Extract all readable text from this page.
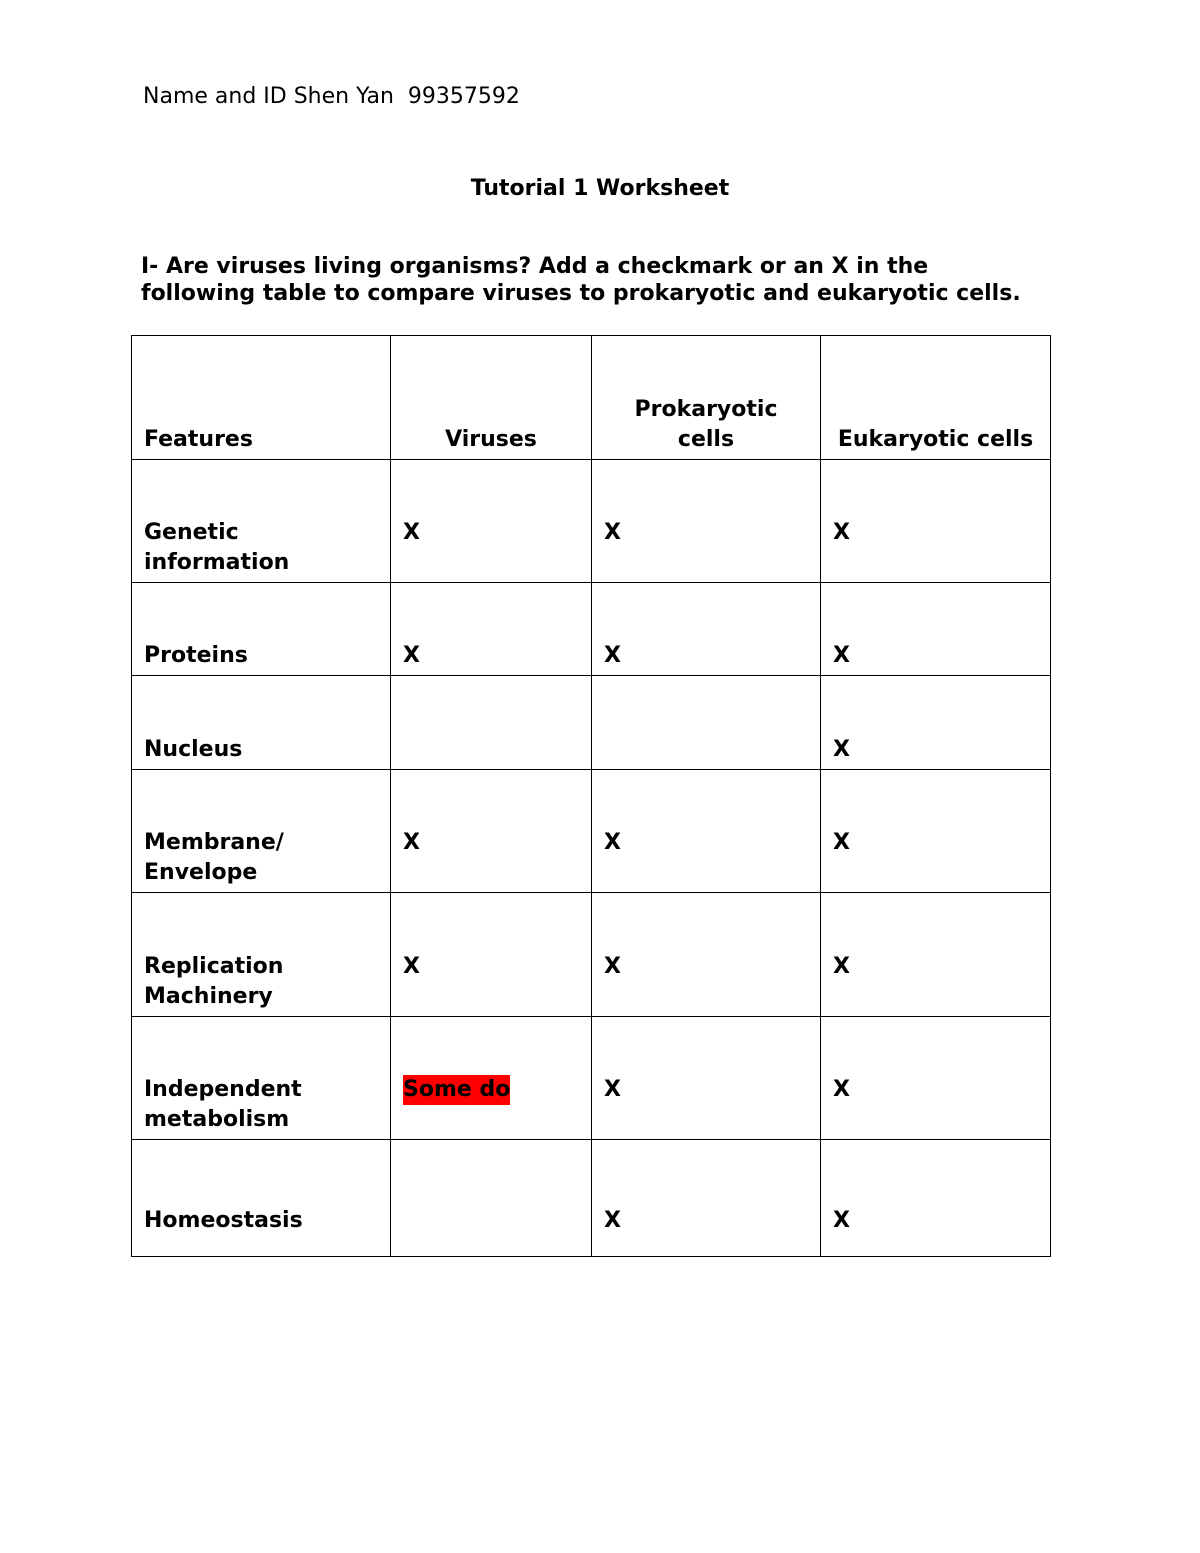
Name and ID Shen Yan  99357592
Tutorial 1 Worksheet
I- Are viruses living organisms? Add a checkmark or an X in the following table to compare viruses to prokaryotic and eukaryotic cells.
Features	Viruses	Prokaryotic cells	Eukaryotic cells
Genetic information	X	X	X
Proteins	X	X	X
Nucleus			X
Membrane/ Envelope	X	X	X
Replication Machinery	X	X	X
Independent metabolism	Some do	X	X
Homeostasis		X	X
